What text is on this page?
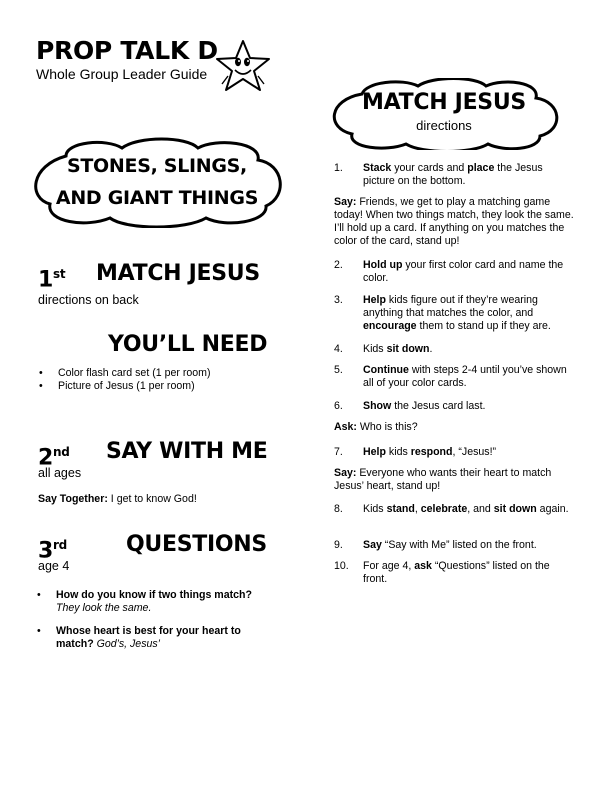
PROP TALK D
Whole Group Leader Guide
STONES, SLINGS,
AND GIANT THINGS
MATCH JESUS
directions
1st MATCH JESUS
directions on back
YOU’LL NEED
• Color flash card set (1 per room)
• Picture of Jesus (1 per room)
2nd SAY WITH ME
all ages
Say Together: I get to know God!
3rd	QUESTIONS
age 4
• How do you know if two things match?
They look the same.
• Whose heart is best for your heart to match? God’s, Jesus’
1.	Stack your cards and place the Jesus picture on the bottom.
Say: Friends, we get to play a matching game today! When two things match, they look the same. I’ll hold up a card. If anything on you matches the color of the card, stand up!
2.	Hold up your first color card and name the color.
3.	Help kids figure out if they’re wearing anything that matches the color, and encourage them to stand up if they are.
4.	Kids sit down.
5.	Continue with steps 2-4 until you’ve shown all of your color cards.
6.	Show the Jesus card last.
Ask: Who is this?
7.	Help kids respond, “Jesus!”
Say: Everyone who wants their heart to match Jesus’ heart, stand up!
8.	Kids stand, celebrate, and sit down again.
9.	Say “Say with Me” listed on the front.
10.	For age 4, ask “Questions” listed on the front.
